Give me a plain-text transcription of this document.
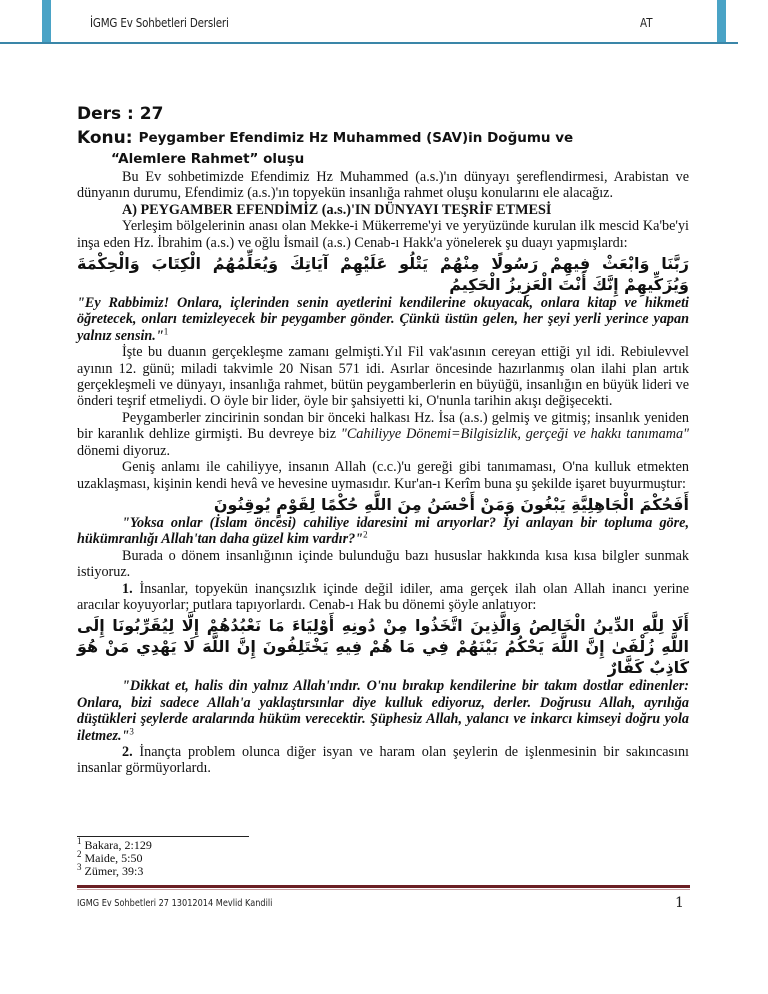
İGMG Ev Sohbetleri Dersleri	AT
Ders : 27
Konu: Peygamber Efendimiz Hz Muhammed (SAV)in Doğumu ve
“Alemlere Rahmet” oluşu

Bu Ev sohbetimizde Efendimiz Hz Muhammed (a.s.)'ın dünyayı şereflendirmesi, Arabistan ve dünyanın durumu, Efendimiz (a.s.)'ın topyekün insanlığa rahmet oluşu konularını ele alacağız.

A) PEYGAMBER EFENDİMİZ (a.s.)'IN DÜNYAYI TEŞRİF ETMESİ

Yerleşim bölgelerinin anası olan Mekke-i Mükerreme'yi ve yeryüzünde kurulan ilk mescid Ka'be'yi inşa eden Hz. İbrahim (a.s.) ve oğlu İsmail (a.s.) Cenab-ı Hakk'a yönelerek şu duayı yapmışlardı:

رَبَّنَا وَابْعَثْ فِيهِمْ رَسُولًا مِنْهُمْ يَتْلُو عَلَيْهِمْ آيَاتِكَ وَيُعَلِّمُهُمُ الْكِتَابَ وَالْحِكْمَةَ وَيُزَكِّيهِمْ إِنَّكَ أَنْتَ الْعَزِيزُ الْحَكِيمُ

"Ey Rabbimiz! Onlara, içlerinden senin ayetlerini kendilerine okuyacak, onlara kitap ve hikmeti öğretecek, onları temizleyecek bir peygamber gönder. Çünkü üstün gelen, her şeyi yerli yerince yapan yalnız sensin."$^1$

İşte bu duanın gerçekleşme zamanı gelmişti.Yıl Fil vak'asının cereyan ettiği yıl idi. Rebiulevvel ayının 12. günü; miladi takvimle 20 Nisan 571 idi. Asırlar öncesinde hazırlanmış olan ilahi plan artık gerçekleşmeli ve dünyayı, insanlığa rahmet, bütün peygamberlerin en büyüğü, insanlığın en büyük lideri ve önderi teşrif etmeliydi. O öyle bir lider, öyle bir şahsiyetti ki, O'nunla tarihin akışı değişecekti.

Peygamberler zincirinin sondan bir önceki halkası Hz. İsa (a.s.) gelmiş ve gitmiş; insanlık yeniden bir karanlık dehlize girmişti. Bu devreye biz "Cahiliyye Dönemi=Bilgisizlik, gerçeği ve hakkı tanımama" dönemi diyoruz.

Geniş anlamı ile cahiliyye, insanın Allah (c.c.)'u gereği gibi tanımaması, O'na kulluk etmekten uzaklaşması, kişinin kendi hevâ ve hevesine uymasıdır. Kur'an-ı Kerîm buna şu şekilde işaret buyurmuştur:

أَفَحُكْمَ الْجَاهِلِيَّةِ يَبْغُونَ وَمَنْ أَحْسَنُ مِنَ اللَّهِ حُكْمًا لِقَوْمٍ يُوقِنُونَ

"Yoksa onlar (İslam öncesi) cahiliye idaresini mi arıyorlar? İyi anlayan bir topluma göre, hükümranlığı Allah'tan daha güzel kim vardır?"$^2$

Burada o dönem insanlığının içinde bulunduğu bazı hususlar hakkında kısa kısa bilgler sunmak istiyoruz.

1. İnsanlar, topyekün inançsızlık içinde değil idiler, ama gerçek ilah olan Allah inancı yerine aracılar koyuyorlar; putlara tapıyorlardı. Cenab-ı Hak bu dönemi şöyle anlatıyor:

أَلَا لِلَّهِ الدِّينُ الْخَالِصُ وَالَّذِينَ اتَّخَذُوا مِنْ دُونِهِ أَوْلِيَاءَ مَا نَعْبُدُهُمْ إِلَّا لِيُقَرِّبُونَا إِلَى اللَّهِ زُلْفَىٰ إِنَّ اللَّهَ يَحْكُمُ بَيْنَهُمْ فِي مَا هُمْ فِيهِ يَخْتَلِفُونَ إِنَّ اللَّهَ لَا يَهْدِي مَنْ هُوَ كَاذِبٌ كَفَّارٌ

"Dikkat et, halis din yalnız Allah'ındır. O'nu bırakıp kendilerine bir takım dostlar edinenler: Onlara, bizi sadece Allah'a yaklaştırsınlar diye kulluk ediyoruz, derler. Doğrusu Allah, ayrılığa düştükleri şeylerde aralarında hüküm verecektir. Şüphesiz Allah, yalancı ve inkarcı kimseyi doğru yola iletmez."$^3$

2. İnançta problem olunca diğer isyan ve haram olan şeylerin de işlenmesinin bir sakıncasını insanlar görmüyorlardı.

$^1$ Bakara, 2:129
$^2$ Maide, 5:50
$^3$ Zümer, 39:3
IGMG Ev Sohbetleri 27 13012014 Mevlid Kandili	1
